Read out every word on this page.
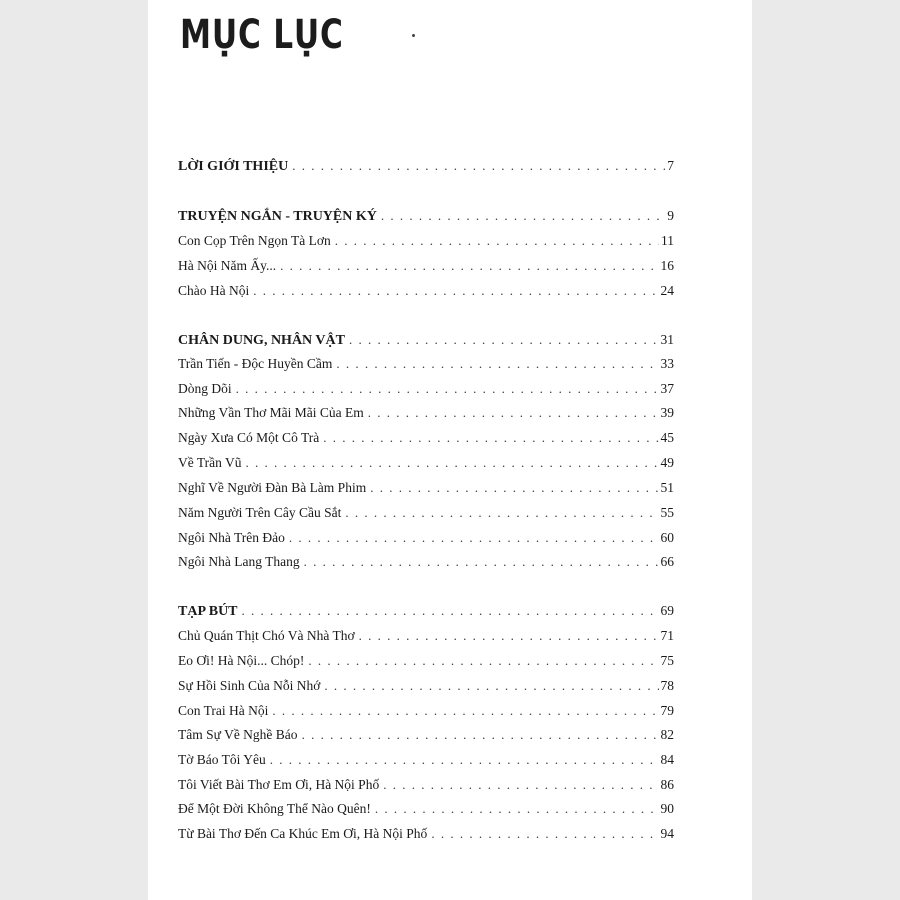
MỤC LỤC
LỜI GIỚI THIỆU . . .	7
TRUYỆN NGẮN - TRUYỆN KÝ . . .	9
Con Cọp Trên Ngọn Tà Lơn . . .	11
Hà Nội Năm Ấy... . . .	16
Chào Hà Nội . . .	24
CHÂN DUNG, NHÂN VẬT . . .	31
Trần Tiến - Độc Huyền Cầm . . .	33
Dòng Dõi . . .	37
Những Vần Thơ Mãi Mãi Của Em . . .	39
Ngày Xưa Có Một Cô Trà . . .	45
Về Trần Vũ . . .	49
Nghĩ Về Người Đàn Bà Làm Phim . . .	51
Năm Người Trên Cây Cầu Sắt . . .	55
Ngôi Nhà Trên Đảo . . .	60
Ngôi Nhà Lang Thang . . .	66
TẠP BÚT . . .	69
Chủ Quán Thịt Chó Và Nhà Thơ . . .	71
Eo Ơi! Hà Nội... Chóp! . . .	75
Sự Hồi Sinh Của Nỗi Nhớ . . .	78
Con Trai Hà Nội . . .	79
Tâm Sự Về Nghề Báo . . .	82
Tờ Báo Tôi Yêu . . .	84
Tôi Viết Bài Thơ Em Ơi, Hà Nội Phố . . .	86
Để Một Đời Không Thể Nào Quên! . . .	90
Từ Bài Thơ Đến Ca Khúc Em Ơi, Hà Nội Phố . . .	94
